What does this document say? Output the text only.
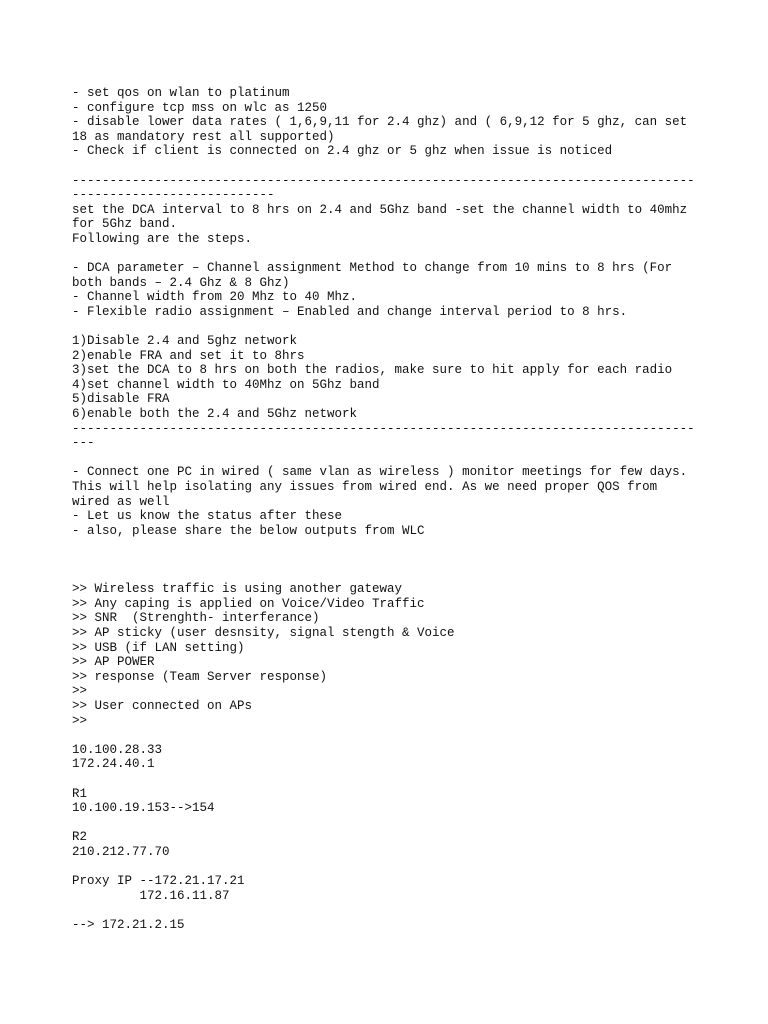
- set qos on wlan to platinum
- configure tcp mss on wlc as 1250
- disable lower data rates ( 1,6,9,11 for 2.4 ghz) and ( 6,9,12 for 5 ghz, can set
18 as mandatory rest all supported)
- Check if client is connected on 2.4 ghz or 5 ghz when issue is noticed
-----------------------------------------------------------------------------------
---------------------------
set the DCA interval to 8 hrs on 2.4 and 5Ghz band -set the channel width to 40mhz
for 5Ghz band.
Following are the steps.
- DCA parameter – Channel assignment Method to change from 10 mins to 8 hrs (For
both bands – 2.4 Ghz & 8 Ghz)
- Channel width from 20 Mhz to 40 Mhz.
- Flexible radio assignment – Enabled and change interval period to 8 hrs.
1)Disable 2.4 and 5ghz network
2)enable FRA and set it to 8hrs
3)set the DCA to 8 hrs on both the radios, make sure to hit apply for each radio
4)set channel width to 40Mhz on 5Ghz band
5)disable FRA
6)enable both the 2.4 and 5Ghz network
-----------------------------------------------------------------------------------
---
- Connect one PC in wired ( same vlan as wireless ) monitor meetings for few days.
This will help isolating any issues from wired end. As we need proper QOS from
wired as well
- Let us know the status after these
- also, please share the below outputs from WLC
>> Wireless traffic is using another gateway
>> Any caping is applied on Voice/Video Traffic
>> SNR  (Strenghth- interferance)
>> AP sticky (user desnsity, signal stength & Voice
>> USB (if LAN setting)
>> AP POWER
>> response (Team Server response)
>>
>> User connected on APs
>>
10.100.28.33
172.24.40.1
R1
10.100.19.153-->154
R2
210.212.77.70
Proxy IP --172.21.17.21
172.16.11.87
--> 172.21.2.15
